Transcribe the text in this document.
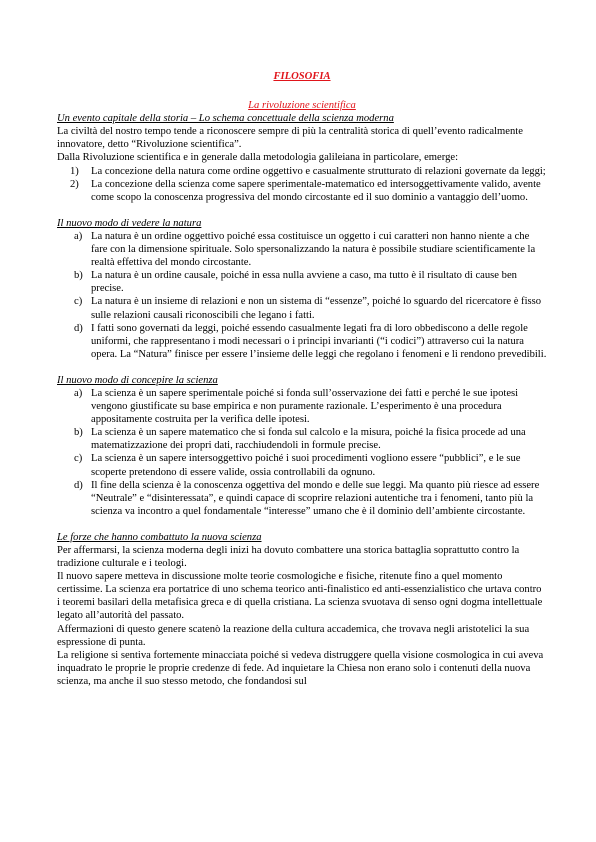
FILOSOFIA

La rivoluzione scientifica

Un evento capitale della storia – Lo schema concettuale della scienza moderna

La civiltà del nostro tempo tende a riconoscere sempre di più la centralità storica di quell’evento radicalmente innovatore, detto “Rivoluzione scientifica”.

Dalla Rivoluzione scientifica e in generale dalla metodologia galileiana in particolare, emerge:

1) La concezione della natura come ordine oggettivo e casualmente strutturato di relazioni governate da leggi;
2) La concezione della scienza come sapere sperimentale-matematico ed intersoggettivamente valido, avente come scopo la conoscenza progressiva del mondo circostante ed il suo dominio a vantaggio dell’uomo.

Il nuovo modo di vedere la natura

a) La natura è un ordine oggettivo poiché essa costituisce un oggetto i cui caratteri non hanno niente a che fare con la dimensione spirituale. Solo spersonalizzando la natura è possibile studiare scientificamente la realtà effettiva del mondo circostante.
b) La natura è un ordine causale, poiché in essa nulla avviene a caso, ma tutto è il risultato di cause ben precise.
c) La natura è un insieme di relazioni e non un sistema di “essenze”, poiché lo sguardo del ricercatore è fisso sulle relazioni causali riconoscibili che legano i fatti.
d) I fatti sono governati da leggi, poiché essendo casualmente legati fra di loro obbediscono a delle regole uniformi, che rappresentano i modi necessari o i principi invarianti (“i codici”) attraverso cui la natura opera. La “Natura” finisce per essere l’insieme delle leggi che regolano i fenomeni e li rendono prevedibili.

Il nuovo modo di concepire la scienza

a) La scienza è un sapere sperimentale poiché si fonda sull’osservazione dei fatti e perché le sue ipotesi vengono giustificate su base empirica e non puramente razionale. L’esperimento è una procedura appositamente costruita per la verifica delle ipotesi.
b) La scienza è un sapere matematico che si fonda sul calcolo e la misura, poiché la fisica procede ad una matematizzazione dei propri dati, racchiudendoli in formule precise.
c) La scienza è un sapere intersoggettivo poiché i suoi procedimenti vogliono essere “pubblici”, e le sue scoperte pretendono di essere valide, ossia controllabili da ognuno.
d) Il fine della scienza è la conoscenza oggettiva del mondo e delle sue leggi. Ma quanto più riesce ad essere “Neutrale” e “disinteressata”, e quindi capace di scoprire relazioni autentiche tra i fenomeni, tanto più la scienza va incontro a quel fondamentale “interesse” umano che è il dominio dell’ambiente circostante.

Le forze che hanno combattuto la nuova scienza

Per affermarsi, la scienza moderna degli inizi ha dovuto combattere una storica battaglia soprattutto contro la tradizione culturale e i teologi.

Il nuovo sapere metteva in discussione molte teorie cosmologiche e fisiche, ritenute fino a quel momento certissime. La scienza era portatrice di uno schema teorico anti-finalistico ed anti-essenzialistico che urtava contro i teoremi basilari della metafisica greca e di quella cristiana. La scienza svuotava di senso ogni dogma intellettuale legato all’autorità del passato.

Affermazioni di questo genere scatenò la reazione della cultura accademica, che trovava negli aristotelici la sua espressione di punta.

La religione si sentiva fortemente minacciata poiché si vedeva distruggere quella visione cosmologica in cui aveva inquadrato le proprie le proprie credenze di fede. Ad inquietare la Chiesa non erano solo i contenuti della nuova scienza, ma anche il suo stesso metodo, che fondandosi sul
